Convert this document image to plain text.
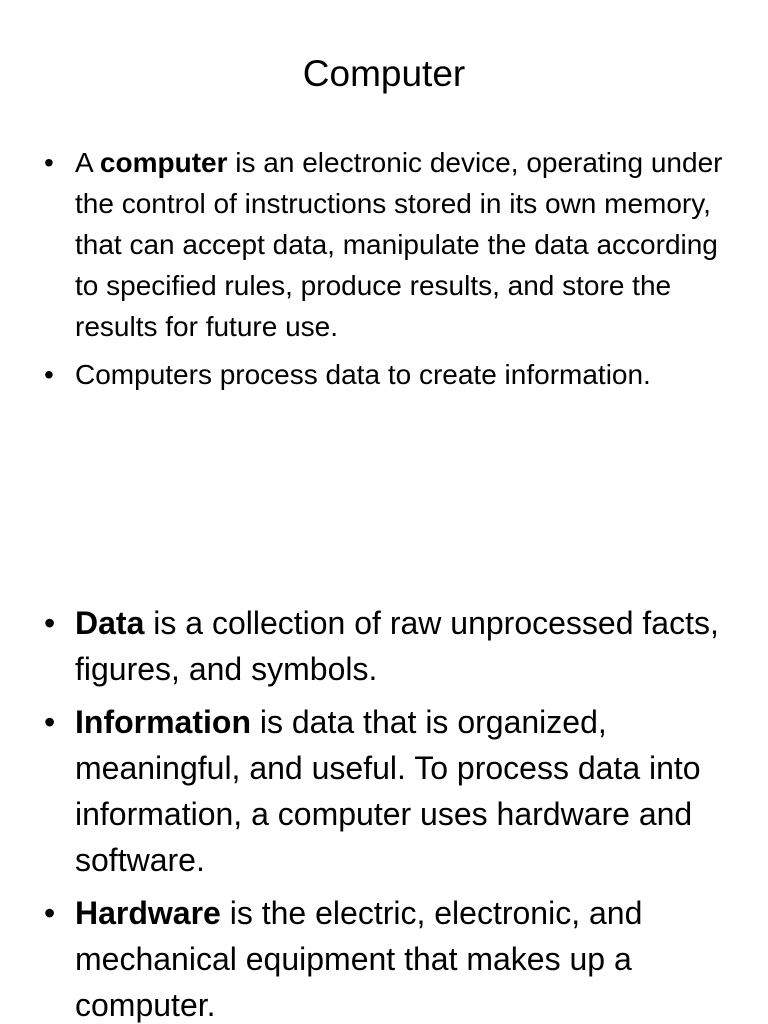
Computer
• A computer is an electronic device, operating under the control of instructions stored in its own memory, that can accept data, manipulate the data according to specified rules, produce results, and store the results for future use.
• Computers process data to create information.
• Data is a collection of raw unprocessed facts, figures, and symbols.
• Information is data that is organized, meaningful, and useful. To process data into information, a computer uses hardware and software.
• Hardware is the electric, electronic, and mechanical equipment that makes up a computer.
